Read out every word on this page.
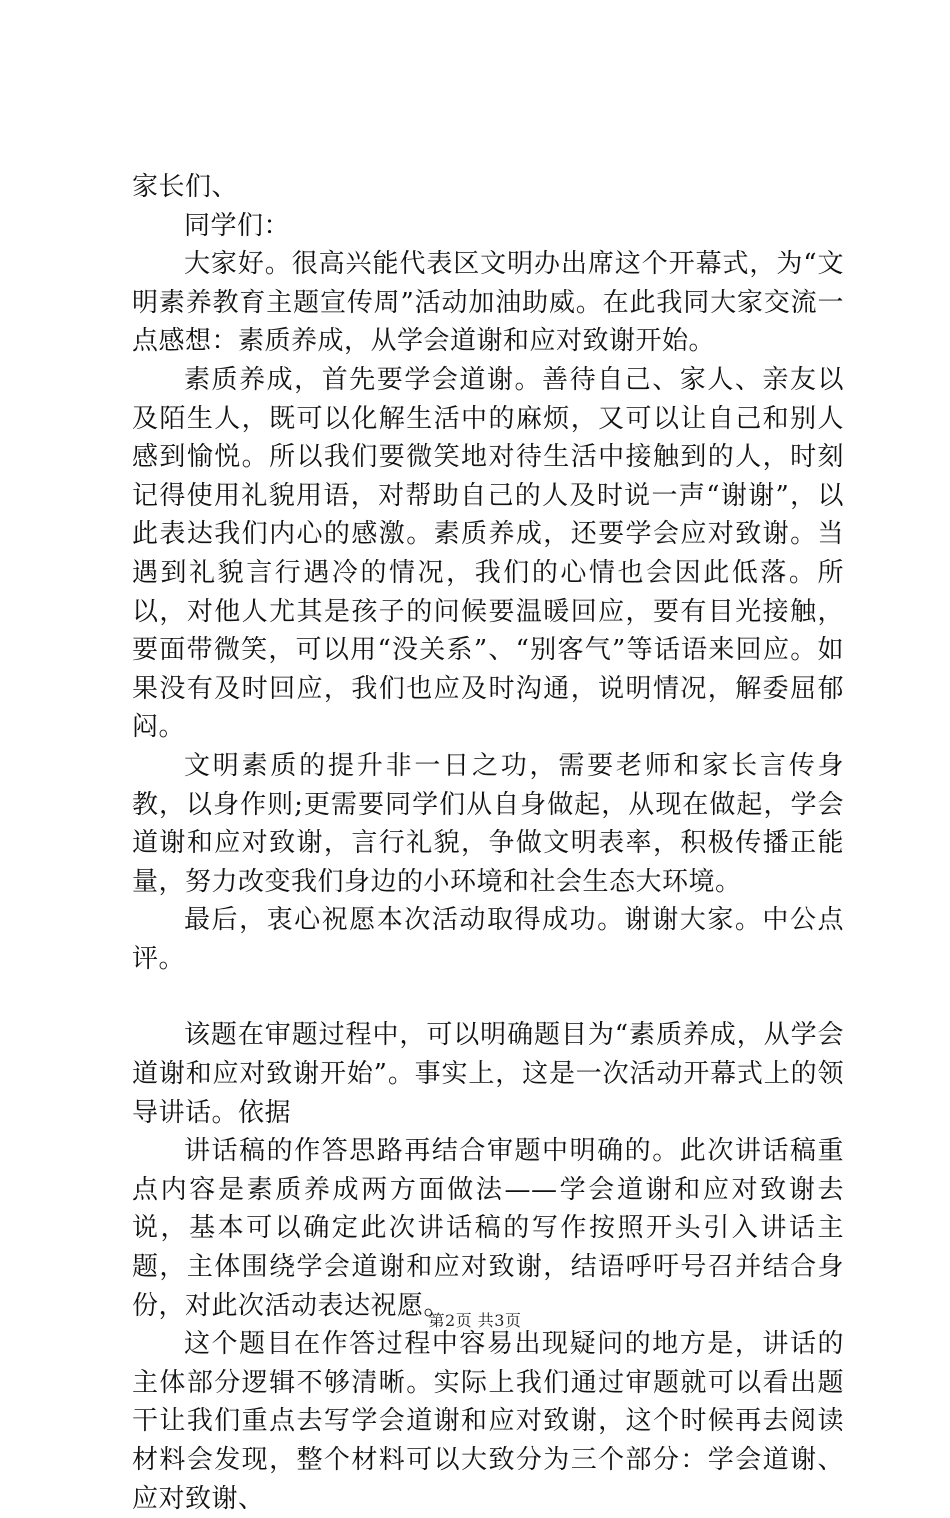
家长们、

同学们：

大家好。很高兴能代表区文明办出席这个开幕式，为“文明素养教育主题宣传周”活动加油助威。在此我同大家交流一点感想：素质养成，从学会道谢和应对致谢开始。

素质养成，首先要学会道谢。善待自己、家人、亲友以及陌生人，既可以化解生活中的麻烦，又可以让自己和别人感到愉悦。所以我们要微笑地对待生活中接触到的人，时刻记得使用礼貌用语，对帮助自己的人及时说一声“谢谢”，以此表达我们内心的感激。素质养成，还要学会应对致谢。当遇到礼貌言行遇冷的情况，我们的心情也会因此低落。所以，对他人尤其是孩子的问候要温暖回应，要有目光接触，要面带微笑，可以用“没关系”、“别客气”等话语来回应。如果没有及时回应，我们也应及时沟通，说明情况，解委屈郁闷。

文明素质的提升非一日之功，需要老师和家长言传身教，以身作则;更需要同学们从自身做起，从现在做起，学会道谢和应对致谢，言行礼貌，争做文明表率，积极传播正能量，努力改变我们身边的小环境和社会生态大环境。

最后，衷心祝愿本次活动取得成功。谢谢大家。中公点评。

该题在审题过程中，可以明确题目为“素质养成，从学会道谢和应对致谢开始”。事实上，这是一次活动开幕式上的领导讲话。依据

讲话稿的作答思路再结合审题中明确的。此次讲话稿重点内容是素质养成两方面做法——学会道谢和应对致谢去说，基本可以确定此次讲话稿的写作按照开头引入讲话主题，主体围绕学会道谢和应对致谢，结语呼吁号召并结合身份，对此次活动表达祝愿。

这个题目在作答过程中容易出现疑问的地方是，讲话的主体部分逻辑不够清晰。实际上我们通过审题就可以看出题干让我们重点去写学会道谢和应对致谢，这个时候再去阅读材料会发现，整个材料可以大致分为三个部分：学会道谢、应对致谢、

第2页 共3页
